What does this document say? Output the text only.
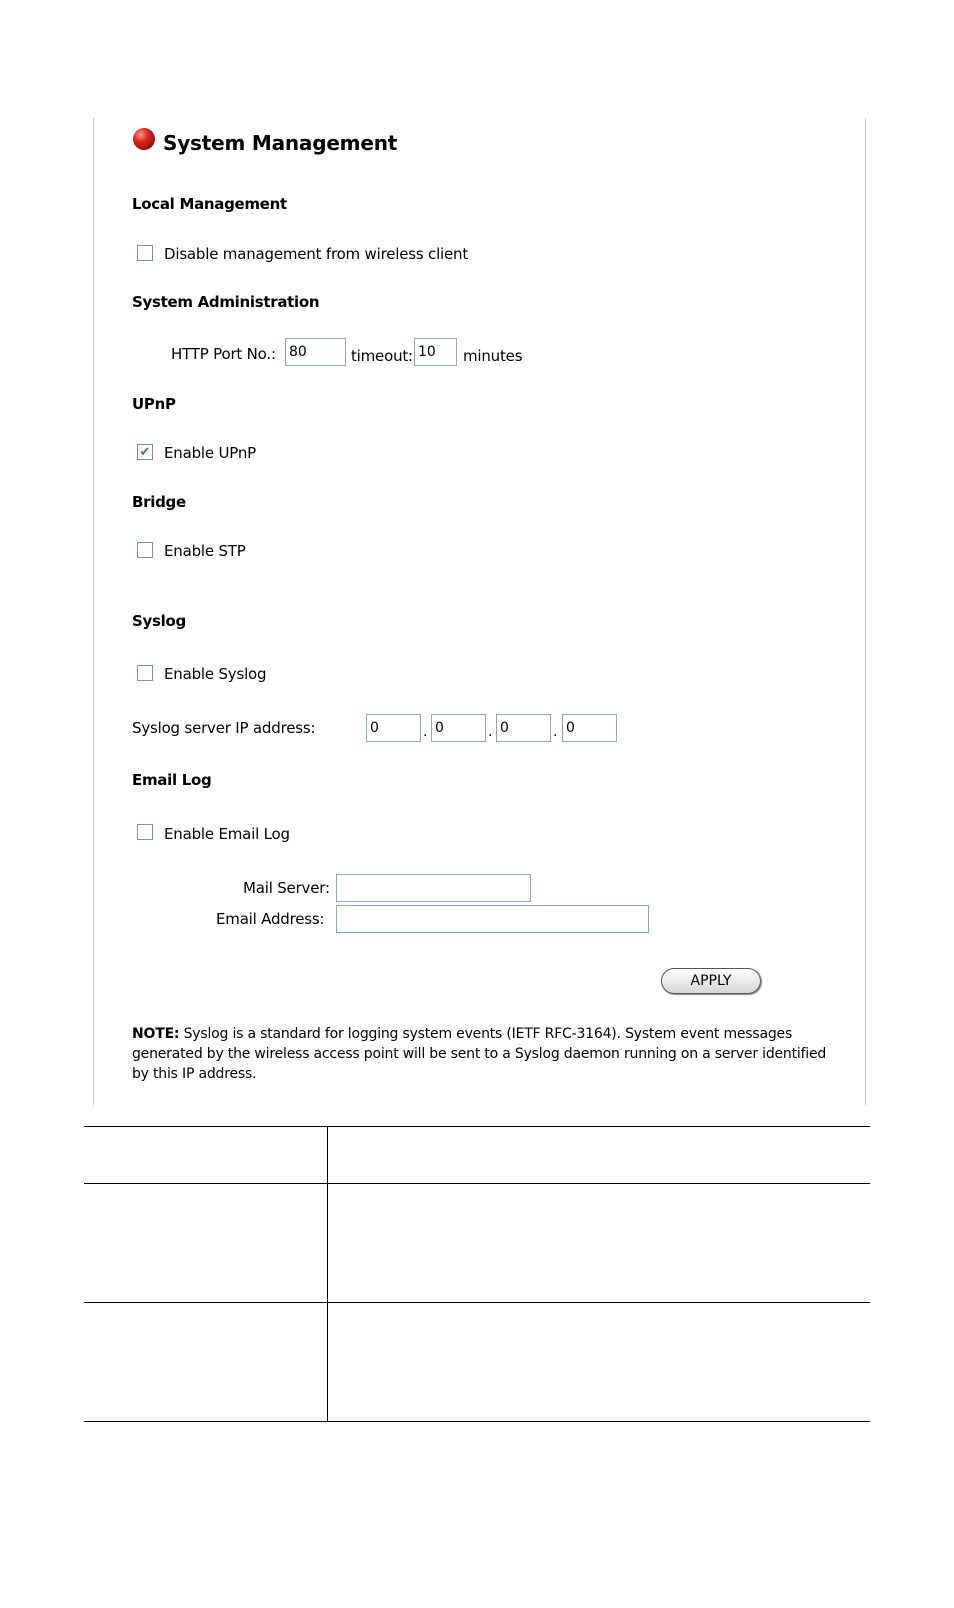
System Management
Local Management
Disable management from wireless client
System Administration
HTTP Port No.:
80	timeout:
10	minutes
UPnP
✔
Enable UPnP
Bridge
Enable STP
Syslog
Enable Syslog
Syslog server IP address:
0	.
0	.
0	.
0
Email Log
Enable Email Log
Mail Server:
Email Address:
APPLY
NOTE: Syslog is a standard for logging system events (IETF RFC-3164). System event messages generated by the wireless access point will be sent to a Syslog daemon running on a server identified by this IP address.
